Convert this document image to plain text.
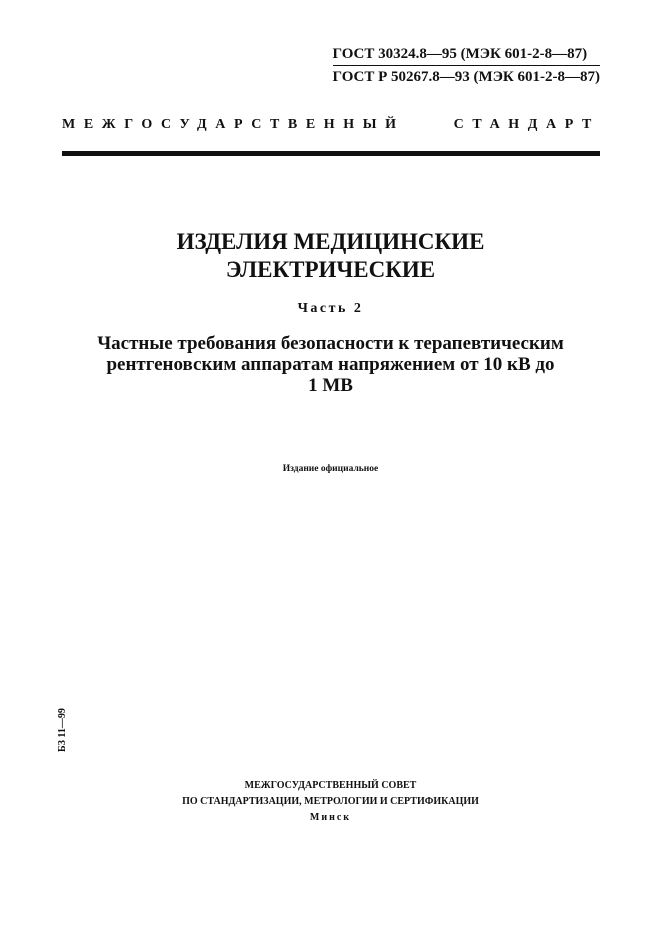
ГОСТ 30324.8—95 (МЭК 601-2-8—87)
ГОСТ Р 50267.8—93 (МЭК 601-2-8—87)
МЕЖГОСУДАРСТВЕННЫЙ СТАНДАРТ
ИЗДЕЛИЯ МЕДИЦИНСКИЕ
ЭЛЕКТРИЧЕСКИЕ
Часть 2
Частные требования безопасности к терапевтическим
рентгеновским аппаратам напряжением от 10 кВ до
1 МВ
Издание официальное
БЗ 11—99
МЕЖГОСУДАРСТВЕННЫЙ СОВЕТ
ПО СТАНДАРТИЗАЦИИ, МЕТРОЛОГИИ И СЕРТИФИКАЦИИ
Минск
